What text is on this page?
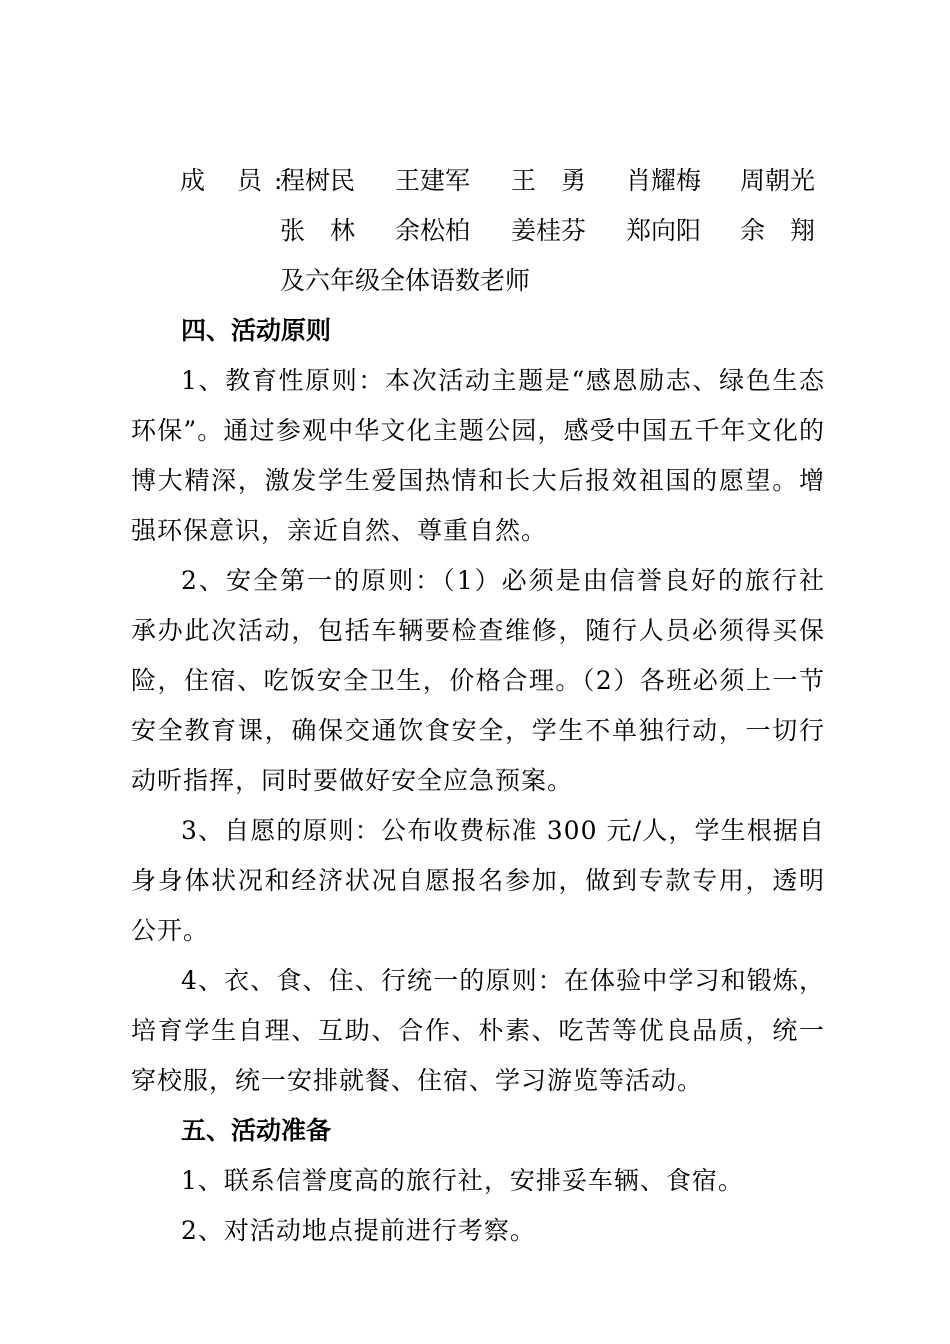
成 员:
程树民 王建军 王　勇 肖耀梅 周朝光
张　林 余松柏 姜桂芬 郑向阳 余　翔
及六年级全体语数老师

四、活动原则

1、教育性原则：本次活动主题是“感恩励志、绿色生态环保”。通过参观中华文化主题公园，感受中国五千年文化的博大精深，激发学生爱国热情和长大后报效祖国的愿望。增强环保意识，亲近自然、尊重自然。

2、安全第一的原则：（1）必须是由信誉良好的旅行社承办此次活动，包括车辆要检查维修，随行人员必须得买保险，住宿、吃饭安全卫生，价格合理。（2）各班必须上一节安全教育课，确保交通饮食安全，学生不单独行动，一切行动听指挥，同时要做好安全应急预案。

3、自愿的原则：公布收费标准 300 元/人，学生根据自身身体状况和经济状况自愿报名参加，做到专款专用，透明公开。

4、衣、食、住、行统一的原则：在体验中学习和锻炼，培育学生自理、互助、合作、朴素、吃苦等优良品质，统一穿校服，统一安排就餐、住宿、学习游览等活动。

五、活动准备

1、联系信誉度高的旅行社，安排妥车辆、食宿。

2、对活动地点提前进行考察。
